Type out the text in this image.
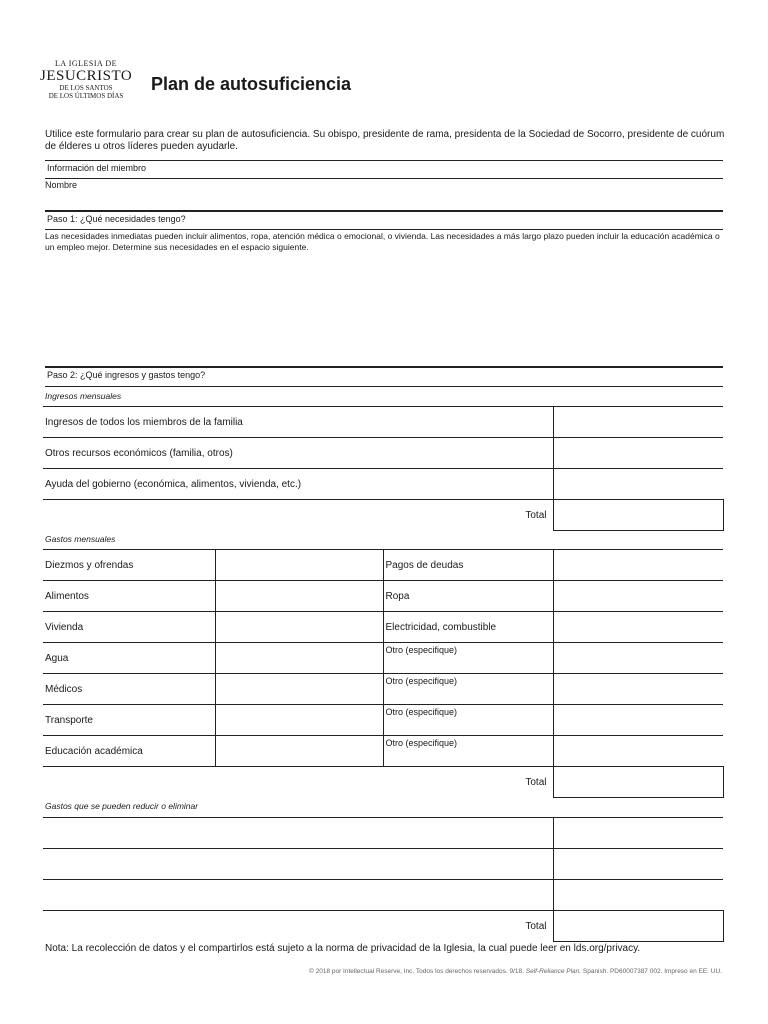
LA IGLESIA DE
JESUCRISTO
DE LOS SANTOS
DE LOS ÚLTIMOS DÍAS
Plan de autosuficiencia
Utilice este formulario para crear su plan de autosuficiencia. Su obispo, presidente de rama, presidenta de la Sociedad de Socorro, presidente de cuórum de élderes u otros líderes pueden ayudarle.
Información del miembro
Nombre
Paso 1: ¿Qué necesidades tengo?
Las necesidades inmediatas pueden incluir alimentos, ropa, atención médica o emocional, o vivienda. Las necesidades a más largo plazo pueden incluir la educación académica o un empleo mejor. Determine sus necesidades en el espacio siguiente.
Paso 2: ¿Qué ingresos y gastos tengo?
Ingresos mensuales
Ingresos de todos los miembros de la familia	
Otros recursos económicos (familia, otros)	
Ayuda del gobierno (económica, alimentos, vivienda, etc.)	
Total	
Gastos mensuales
Diezmos y ofrendas		Pagos de deudas	
Alimentos		Ropa	
Vivienda		Electricidad, combustible	
Agua		Otro (especifique)	
Médicos		Otro (especifique)	
Transporte		Otro (especifique)	
Educación académica		Otro (especifique)	
Total			
Gastos que se pueden reducir o eliminar

Total	
Nota: La recolección de datos y el compartirlos está sujeto a la norma de privacidad de la Iglesia, la cual puede leer en lds.org/privacy.
© 2018 por Intellectual Reserve, Inc. Todos los derechos reservados. 9/18. Self-Reliance Plan. Spanish. PD60007387 002. Impreso en EE. UU.
